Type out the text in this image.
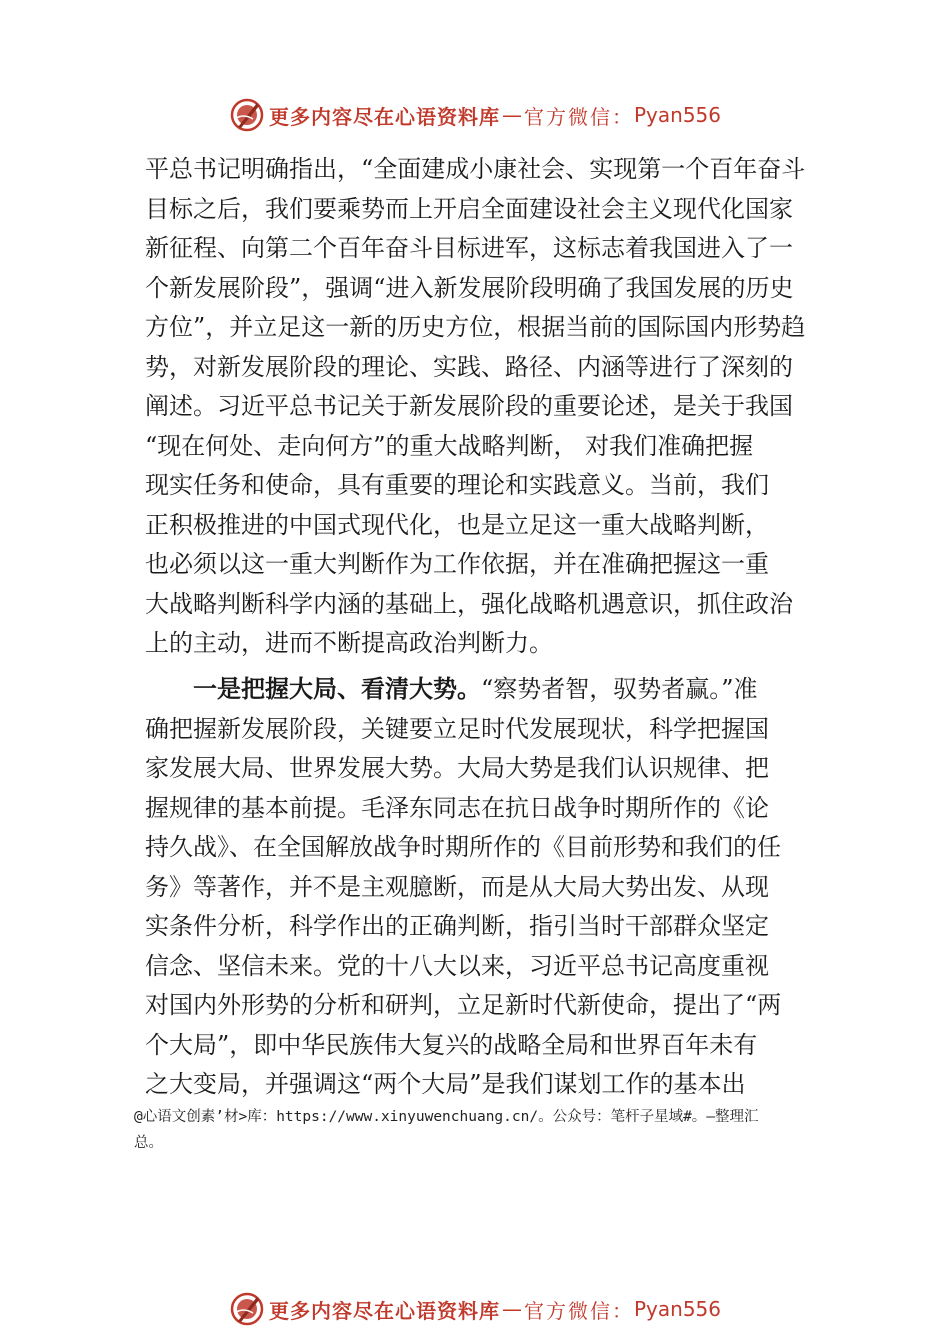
更多内容尽在心语资料库 — 官方微信： Pyan556
平总书记明确指出，“全面建成小康社会、实现第一个百年奋斗
目标之后，我们要乘势而上开启全面建设社会主义现代化国家
新征程、向第二个百年奋斗目标进军，这标志着我国进入了一
个新发展阶段”，强调“进入新发展阶段明确了我国发展的历史
方位”，并立足这一新的历史方位，根据当前的国际国内形势趋
势，对新发展阶段的理论、实践、路径、内涵等进行了深刻的
阐述。习近平总书记关于新发展阶段的重要论述，是关于我国
“现在何处、走向何方”的重大战略判断， 对我们准确把握
现实任务和使命，具有重要的理论和实践意义。当前，我们
正积极推进的中国式现代化，也是立足这一重大战略判断，
也必须以这一重大判断作为工作依据，并在准确把握这一重
大战略判断科学内涵的基础上，强化战略机遇意识，抓住政治
上的主动，进而不断提高政治判断力。
一是把握大局、看清大势。“察势者智，驭势者赢。”准
确把握新发展阶段，关键要立足时代发展现状，科学把握国
家发展大局、世界发展大势。大局大势是我们认识规律、把
握规律的基本前提。毛泽东同志在抗日战争时期所作的《论
持久战》、在全国解放战争时期所作的《目前形势和我们的任
务》等著作，并不是主观臆断，而是从大局大势出发、从现
实条件分析，科学作出的正确判断，指引当时干部群众坚定
信念、坚信未来。党的十八大以来，习近平总书记高度重视
对国内外形势的分析和研判，立足新时代新使命，提出了“两
个大局”，即中华民族伟大复兴的战略全局和世界百年未有
之大变局，并强调这“两个大局”是我们谋划工作的基本出
@心语文创素’材>库：https://www.xinyuwenchuang.cn/。公众号：笔杆子星域#。—整理汇
总。
更多内容尽在心语资料库 — 官方微信： Pyan556
